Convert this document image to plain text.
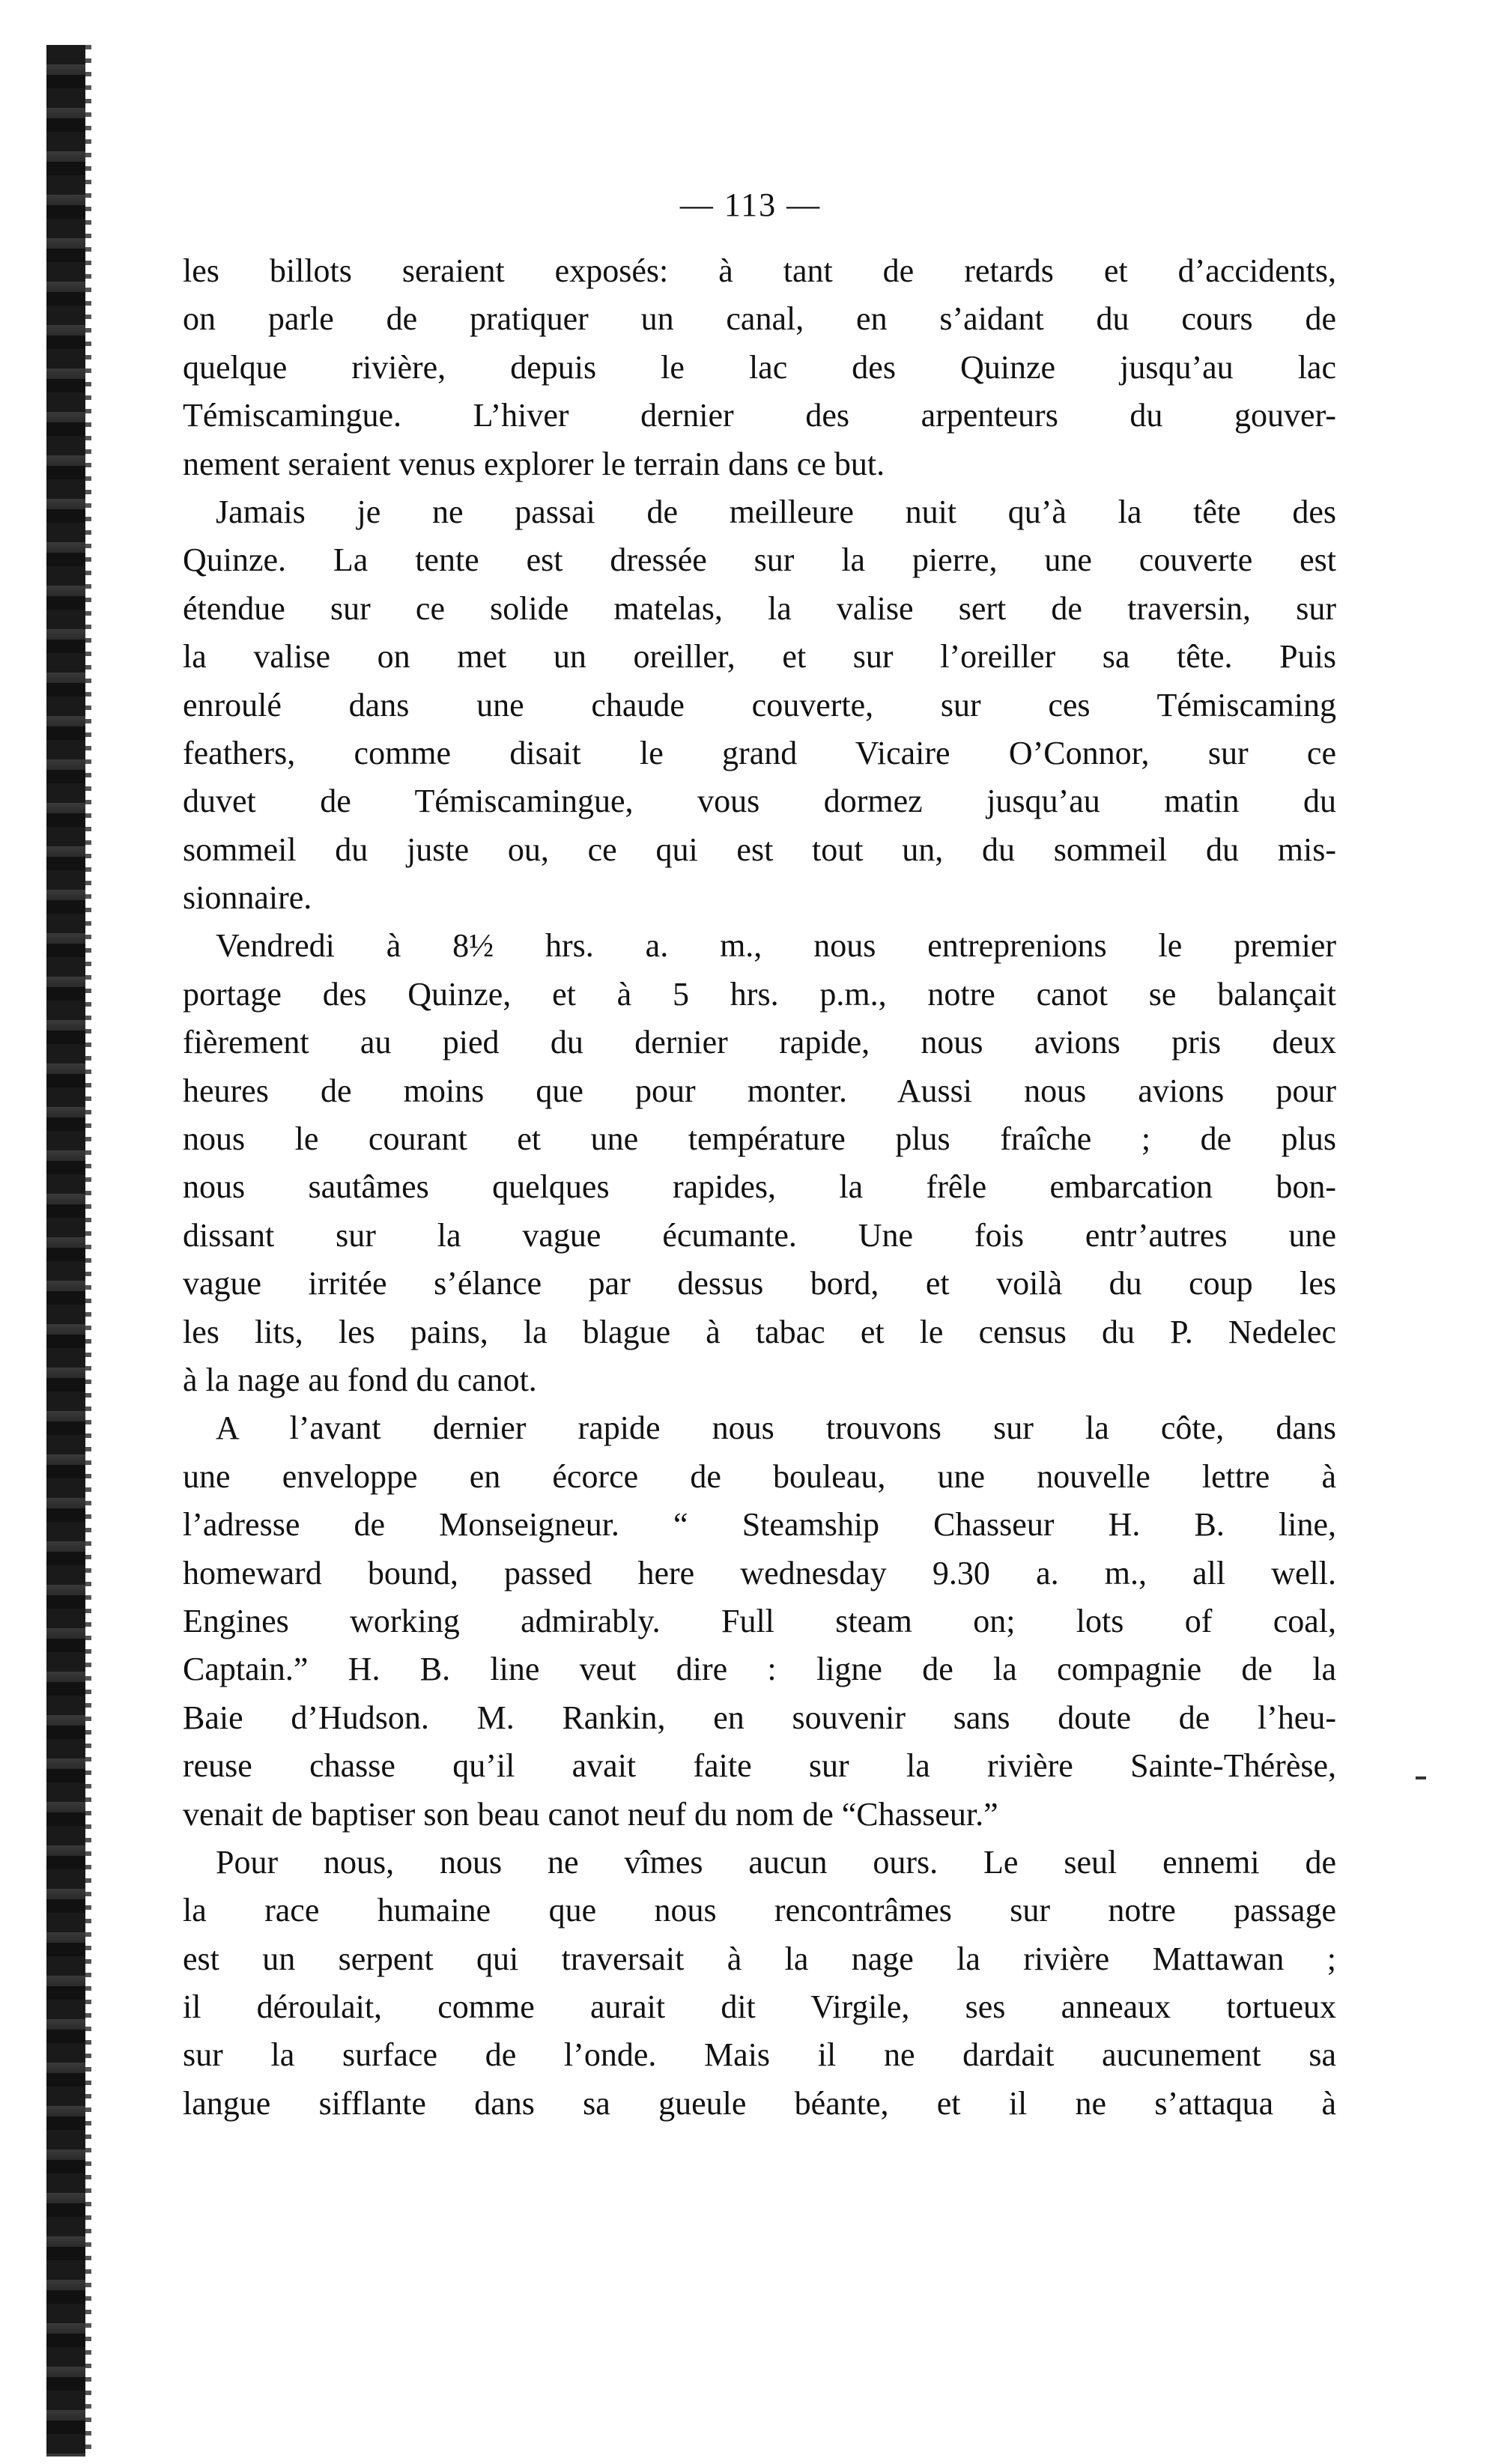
— 113 —
les billots seraient exposés: à tant de retards et d’accidents,
on parle de pratiquer un canal, en s’aidant du cours de
quelque rivière, depuis le lac des Quinze jusqu’au lac
Témiscamingue. L’hiver dernier des arpenteurs du gouver-
nement seraient venus explorer le terrain dans ce but.
Jamais je ne passai de meilleure nuit qu’à la tête des
Quinze. La tente est dressée sur la pierre, une couverte est
étendue sur ce solide matelas, la valise sert de traversin, sur
la valise on met un oreiller, et sur l’oreiller sa tête. Puis
enroulé dans une chaude couverte, sur ces Témiscaming
feathers, comme disait le grand Vicaire O’Connor, sur ce
duvet de Témiscamingue, vous dormez jusqu’au matin du
sommeil du juste ou, ce qui est tout un, du sommeil du mis-
sionnaire.
Vendredi à 8½ hrs. a. m., nous entreprenions le premier
portage des Quinze, et à 5 hrs. p.m., notre canot se balançait
fièrement au pied du dernier rapide, nous avions pris deux
heures de moins que pour monter. Aussi nous avions pour
nous le courant et une température plus fraîche ; de plus
nous sautâmes quelques rapides, la frêle embarcation bon-
dissant sur la vague écumante. Une fois entr’autres une
vague irritée s’élance par dessus bord, et voilà du coup les
les lits, les pains, la blague à tabac et le census du P. Nedelec
à la nage au fond du canot.
A l’avant dernier rapide nous trouvons sur la côte, dans
une enveloppe en écorce de bouleau, une nouvelle lettre à
l’adresse de Monseigneur. “ Steamship Chasseur H. B. line,
homeward bound, passed here wednesday 9.30 a. m., all well.
Engines working admirably. Full steam on; lots of coal,
Captain.” H. B. line veut dire : ligne de la compagnie de la
Baie d’Hudson. M. Rankin, en souvenir sans doute de l’heu-
reuse chasse qu’il avait faite sur la rivière Sainte-Thérèse,
venait de baptiser son beau canot neuf du nom de “Chasseur.”
Pour nous, nous ne vîmes aucun ours. Le seul ennemi de
la race humaine que nous rencontrâmes sur notre passage
est un serpent qui traversait à la nage la rivière Mattawan ;
il déroulait, comme aurait dit Virgile, ses anneaux tortueux
sur la surface de l’onde. Mais il ne dardait aucunement sa
langue sifflante dans sa gueule béante, et il ne s’attaqua à
